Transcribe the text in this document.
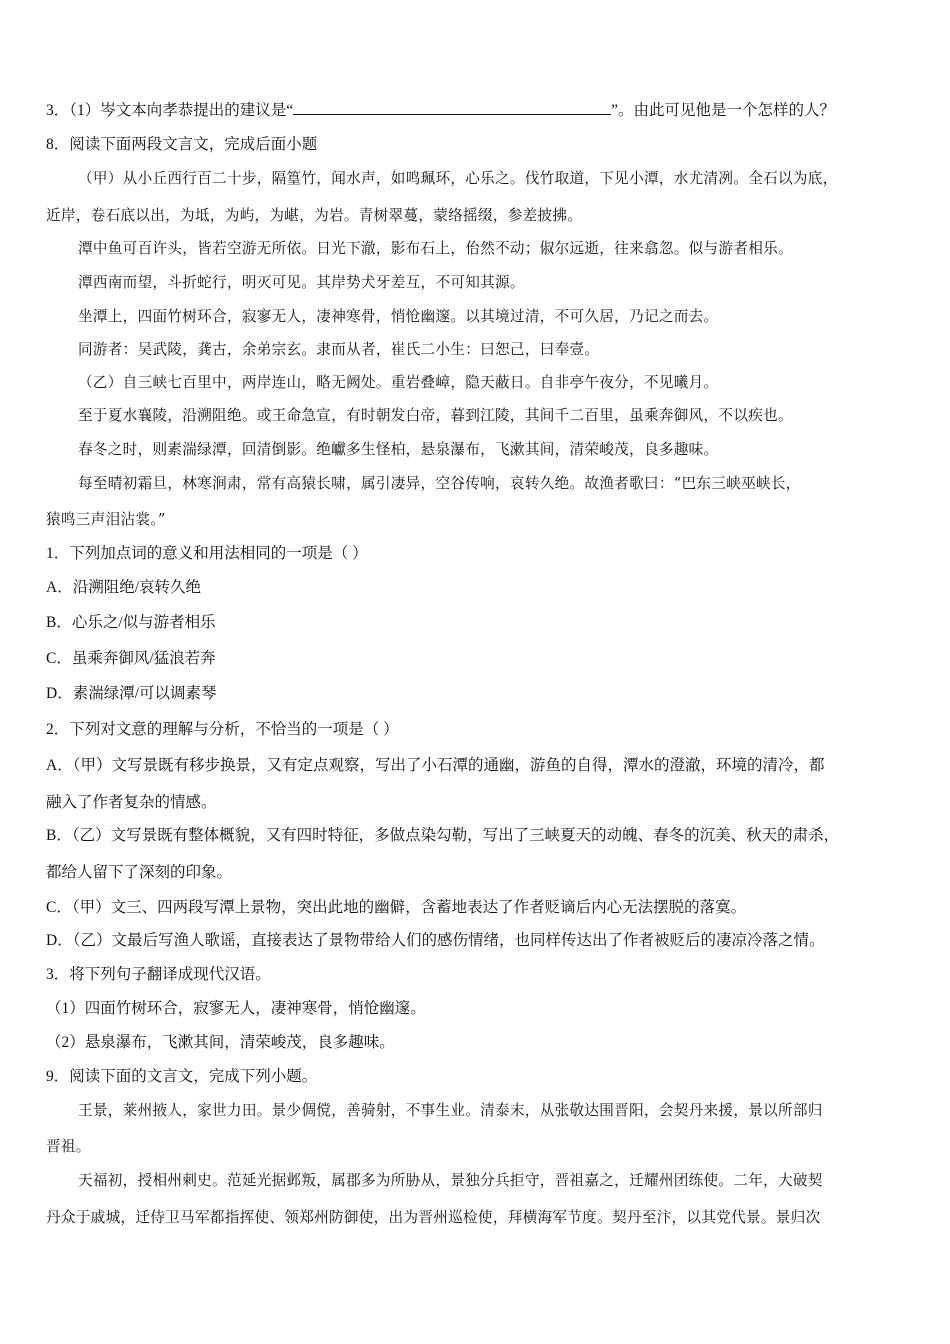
3．（1）岑文本向孝恭提出的建议是“	”。由此可见他是一个怎样的人？
8．阅读下面两段文言文，完成后面小题
（甲）从小丘西行百二十步，隔篁竹，闻水声，如鸣珮环，心乐之。伐竹取道，下见小潭，水尤清冽。全石以为底，
近岸，卷石底以出，为坻，为屿，为嵁，为岩。青树翠蔓，蒙络摇缀，参差披拂。
潭中鱼可百许头，皆若空游无所依。日光下澈，影布石上，佁然不动；俶尔远逝，往来翕忽。似与游者相乐。
潭西南而望，斗折蛇行，明灭可见。其岸势犬牙差互，不可知其源。
坐潭上，四面竹树环合，寂寥无人，凄神寒骨，悄怆幽邃。以其境过清，不可久居，乃记之而去。
同游者：吴武陵，龚古，余弟宗玄。隶而从者，崔氏二小生：曰恕己，曰奉壹。
（乙）自三峡七百里中，两岸连山，略无阙处。重岩叠嶂，隐天蔽日。自非亭午夜分，不见曦月。
至于夏水襄陵，沿溯阻绝。或王命急宣，有时朝发白帝，暮到江陵，其间千二百里，虽乘奔御风，不以疾也。
春冬之时，则素湍绿潭，回清倒影。绝巘多生怪柏，悬泉瀑布，飞漱其间，清荣峻茂，良多趣味。
每至晴初霜旦，林寒涧肃，常有高猿长啸，属引凄异，空谷传响，哀转久绝。故渔者歌曰：“巴东三峡巫峡长，
猿鸣三声泪沾裳。”
1．下列加点词的意义和用法相同的一项是（ ）
A．沿溯阻绝/哀转久绝
B．心乐之/似与游者相乐
C．虽乘奔御风/猛浪若奔
D．素湍绿潭/可以调素琴
2．下列对文意的理解与分析，不恰当的一项是（ ）
A．（甲）文写景既有移步换景，又有定点观察，写出了小石潭的通幽，游鱼的自得，潭水的澄澈，环境的清冷，都
融入了作者复杂的情感。
B．（乙）文写景既有整体概貌，又有四时特征，多做点染勾勒，写出了三峡夏天的动魄、春冬的沉美、秋天的肃杀，
都给人留下了深刻的印象。
C．（甲）文三、四两段写潭上景物，突出此地的幽僻，含蓄地表达了作者贬谪后内心无法摆脱的落寞。
D．（乙）文最后写渔人歌谣，直接表达了景物带给人们的感伤情绪，也同样传达出了作者被贬后的凄凉冷落之情。
3．将下列句子翻译成现代汉语。
（1）四面竹树环合，寂寥无人，凄神寒骨，悄怆幽邃。
（2）悬泉瀑布，飞漱其间，清荣峻茂，良多趣味。
9．阅读下面的文言文，完成下列小题。
王景，莱州掖人，家世力田。景少倜傥，善骑射，不事生业。清泰末，从张敬达围晋阳，会契丹来援，景以所部归
晋祖。
天福初，授相州刺史。范延光据邺叛，属郡多为所胁从，景独分兵拒守，晋祖嘉之，迁耀州团练使。二年，大破契
丹众于戚城，迁侍卫马军都指挥使、领郑州防御使，出为晋州巡检使，拜横海军节度。契丹至汴，以其党代景。景归次
